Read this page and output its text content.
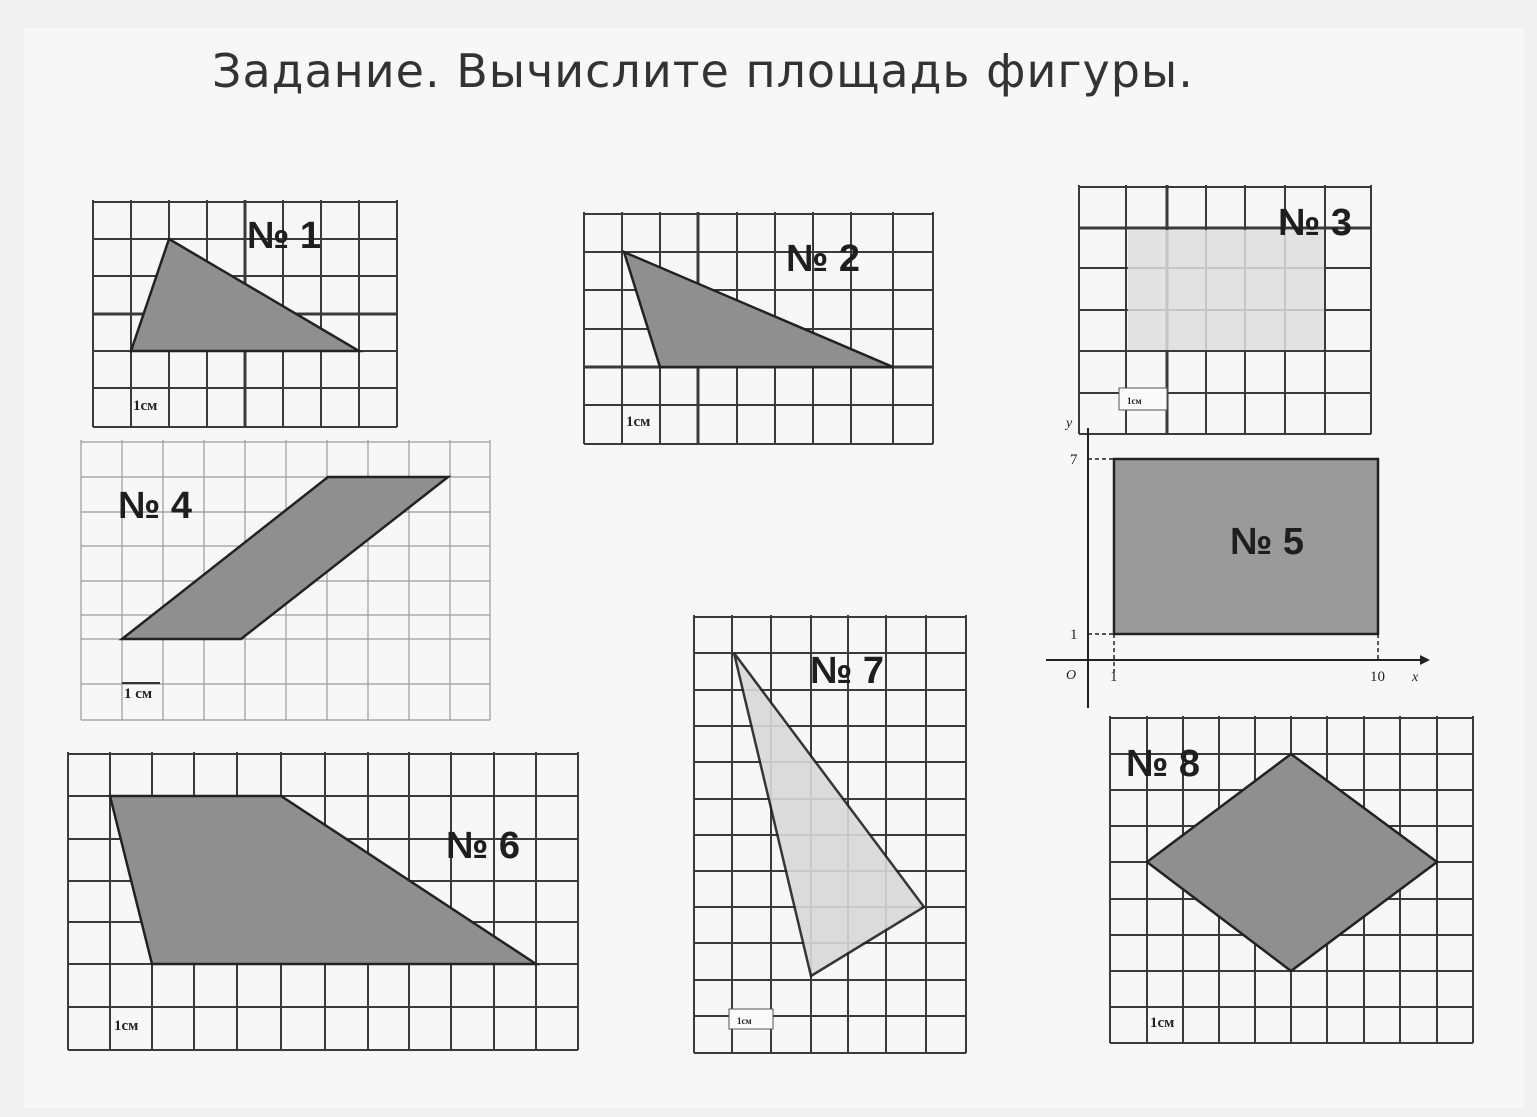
Задание. Вычислите площадь фигуры.
№ 1
1см
№ 2
1см
№ 3
1см
№ 4
1 см
y
x
O 1	10
1
7
№ 5
№ 6
1см
№ 7
1см
№ 8
1см
